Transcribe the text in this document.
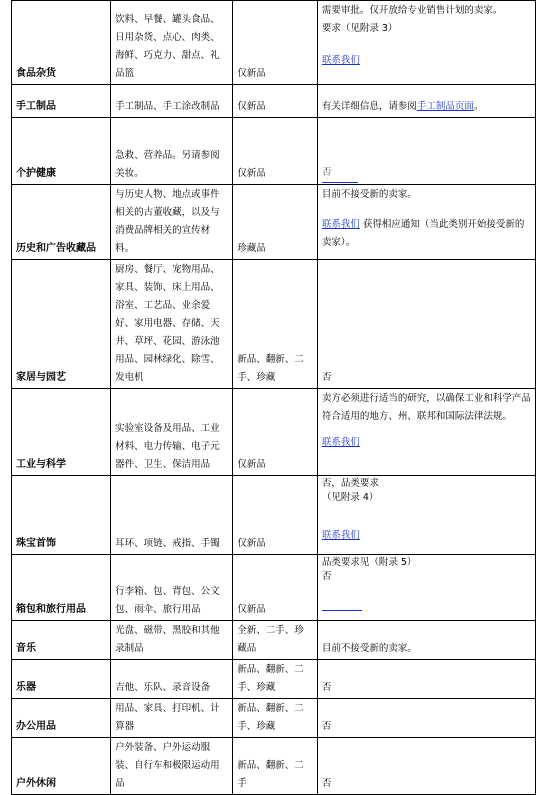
食品杂货	饮料、早餐、罐头食品、日用杂货、点心、肉类、海鲜、巧克力、甜点、礼品篮	仅新品	需要审批。仅开放给专业销售计划的卖家。

要求（见附录 3）

联系我们

手工制品	手工制品、手工涂改制品	仅新品	有关详细信息，请参阅手工制品页面。
个护健康	急救、营养品。另请参阅美妆。	仅新品	否
历史和广告收藏品	与历史人物、地点或事件相关的古董收藏，以及与消费品牌相关的宣传材料。	珍藏品	目前不接受新的卖家。

联系我们 获得相应通知（当此类别开始接受新的卖家）。

家居与园艺	厨房、餐厅、宠物用品、家具、装饰、床上用品、浴室、工艺品、业余爱好、家用电器、存储、天井、草坪、花园、游泳池用品、园林绿化、除雪、发电机	新品、翻新、二手、珍藏	否
工业与科学	实验室设备及用品、工业材料、电力传输、电子元器件、卫生、保洁用品	仅新品	卖方必须进行适当的研究，以确保工业和科学产品符合适用的地方、州、联邦和国际法律法规。

联系我们

珠宝首饰	耳环、项链、戒指、手镯	仅新品	否，品类要求

（见附录 4）

联系我们

箱包和旅行用品	行李箱、包、背包、公文包、雨伞、旅行用品	仅新品	品类要求见（附录 5）

否

音乐	光盘、磁带、黑胶和其他录制品	全新、二手、珍藏品	目前不接受新的卖家。
乐器	吉他、乐队、录音设备	新品、翻新、二手、珍藏	否
办公用品	用品、家具、打印机、计算器	新品、翻新、二手、珍藏	否
户外休闲	户外装备、户外运动服装、自行车和极限运动用品	新品、翻新、二手	否
